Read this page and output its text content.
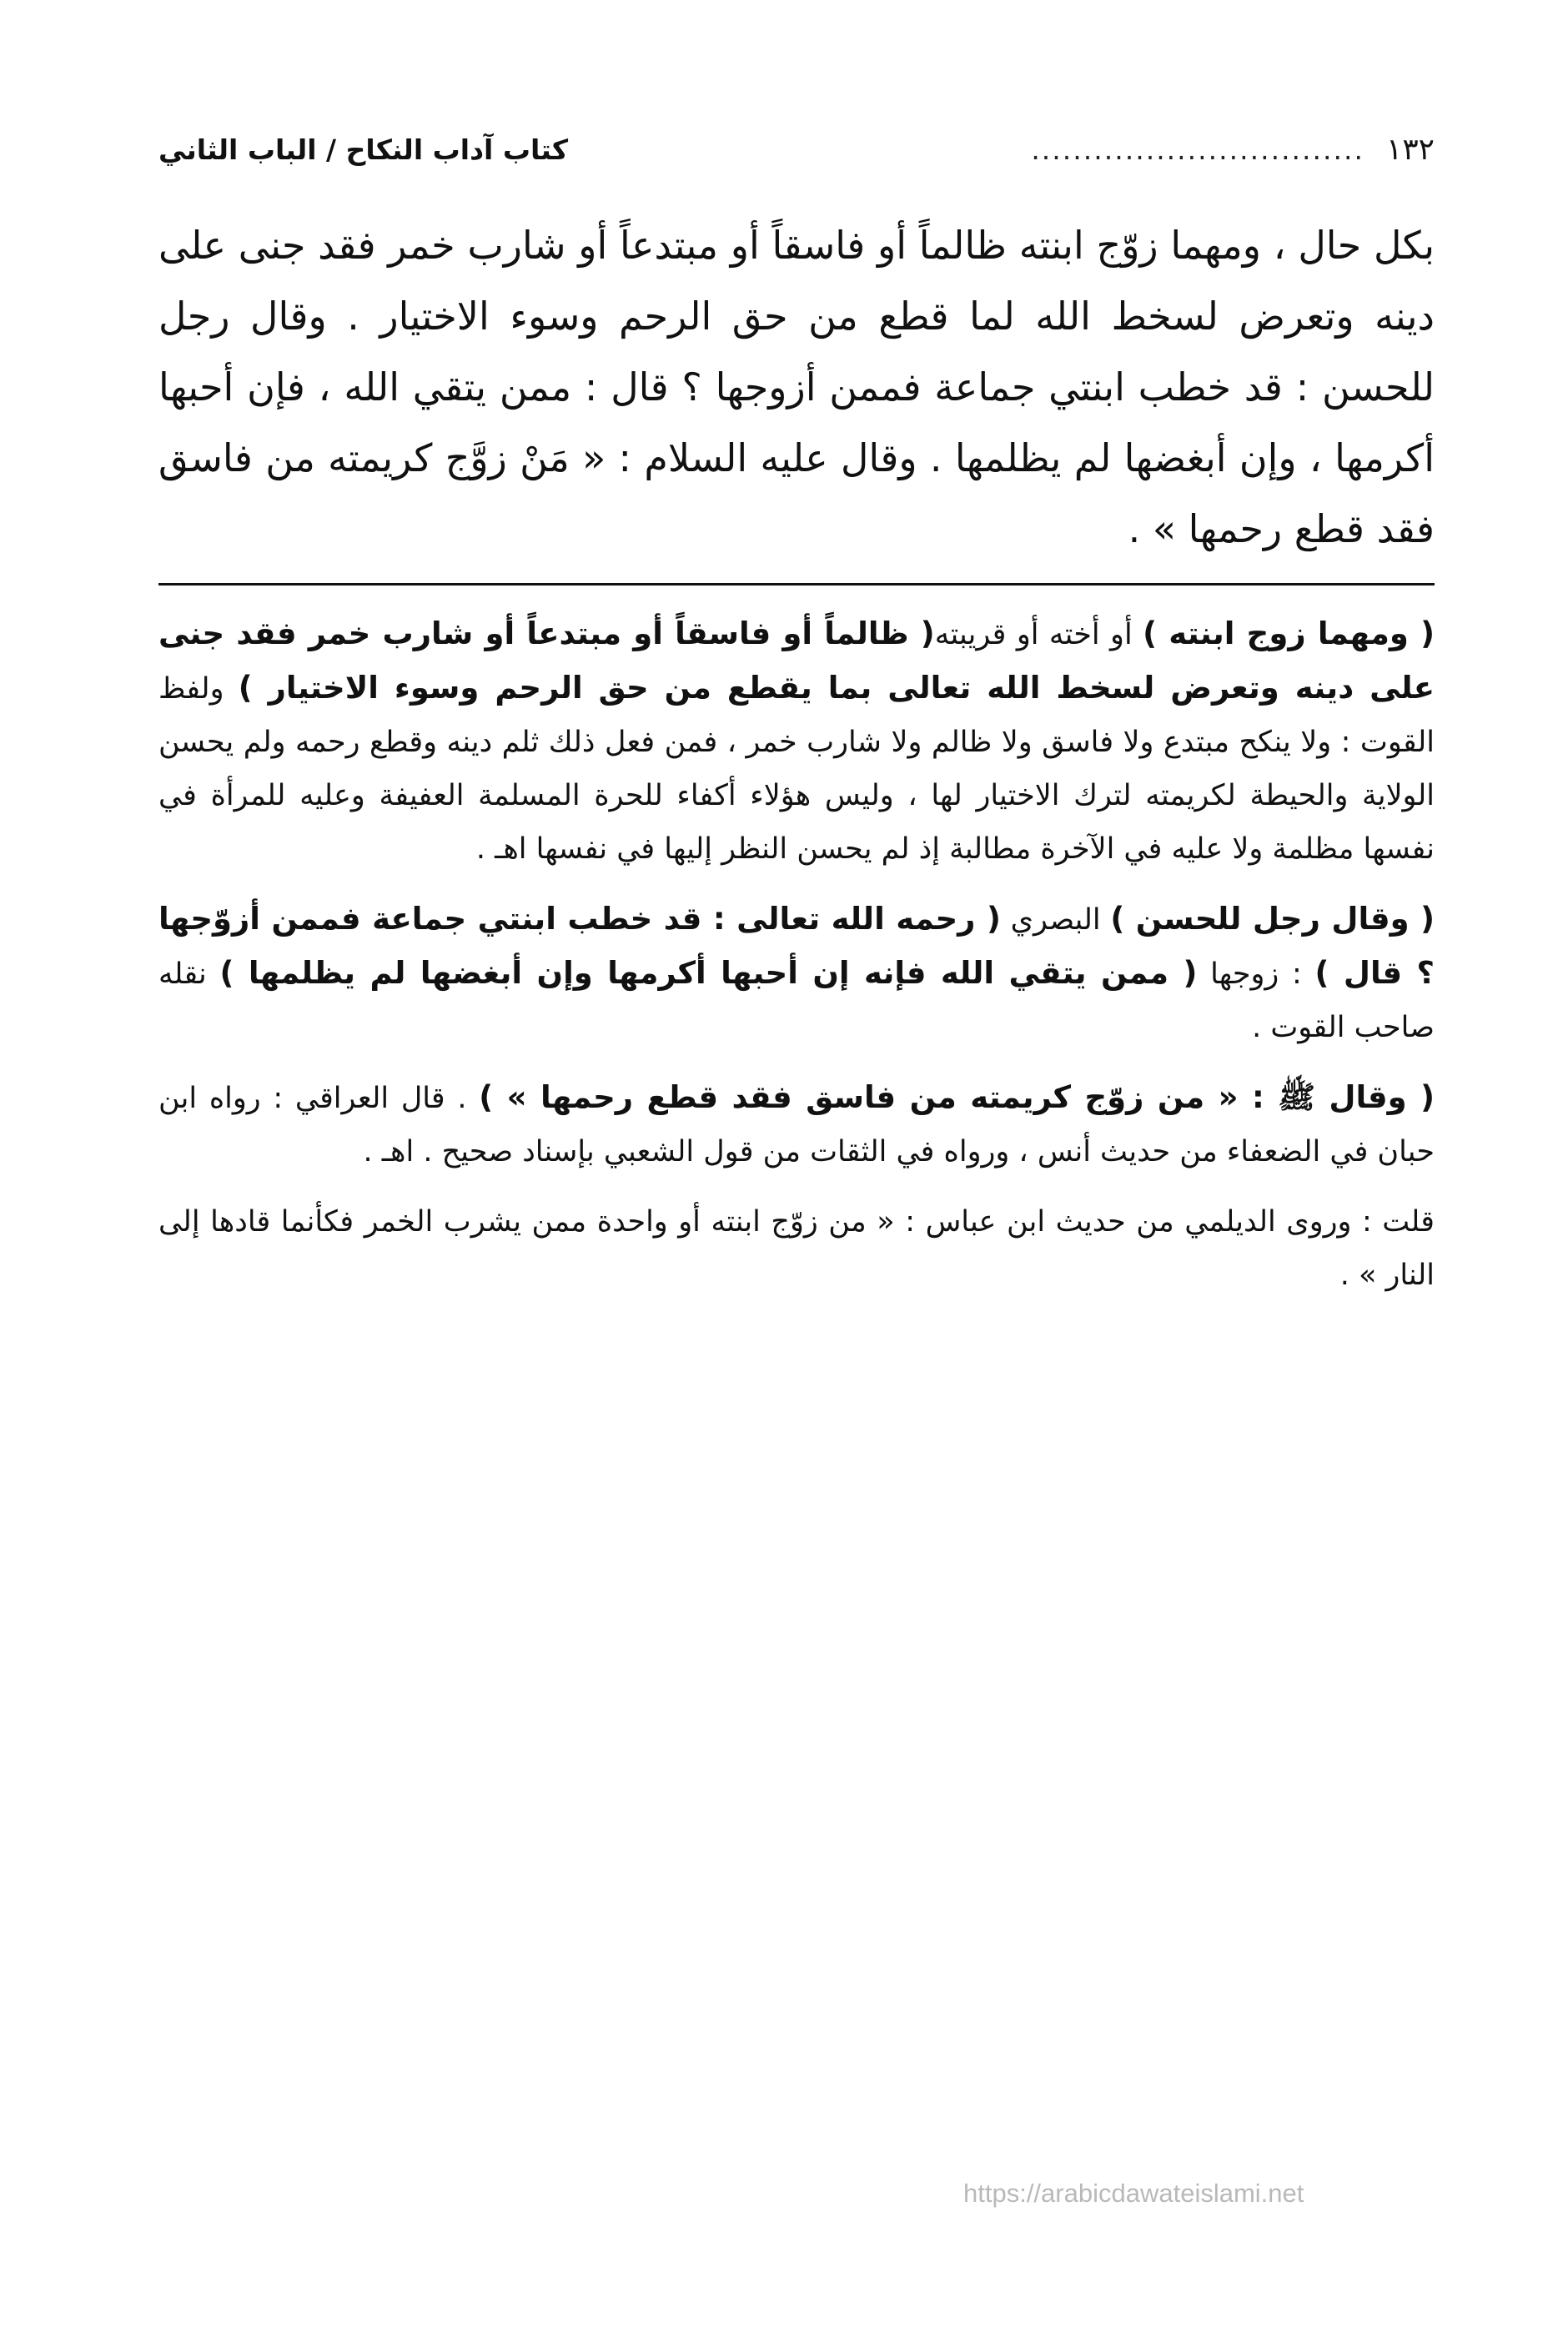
١٣٢
................................
كتاب آداب النكاح / الباب الثاني

بكل حال ، ومهما زوّج ابنته ظالماً أو فاسقاً أو مبتدعاً أو شارب خمر فقد جنى على دينه وتعرض لسخط الله لما قطع من حق الرحم وسوء الاختيار . وقال رجل للحسن : قد خطب ابنتي جماعة فممن أزوجها ؟ قال : ممن يتقي الله ، فإن أحبها أكرمها ، وإن أبغضها لم يظلمها . وقال عليه السلام : « مَنْ زوَّج كريمته من فاسق فقد قطع رحمها » .

( ومهما زوج ابنته ) أو أخته أو قريبته( ظالماً أو فاسقاً أو مبتدعاً أو شارب خمر فقد جنى على دينه وتعرض لسخط الله تعالى بما يقطع من حق الرحم وسوء الاختيار ) ولفظ القوت : ولا ينكح مبتدع ولا فاسق ولا ظالم ولا شارب خمر ، فمن فعل ذلك ثلم دينه وقطع رحمه ولم يحسن الولاية والحيطة لكريمته لترك الاختيار لها ، وليس هؤلاء أكفاء للحرة المسلمة العفيفة وعليه للمرأة في نفسها مظلمة ولا عليه في الآخرة مطالبة إذ لم يحسن النظر إليها في نفسها اهـ .

( وقال رجل للحسن ) البصري ( رحمه الله تعالى : قد خطب ابنتي جماعة فممن أزوّجها ؟ قال ) : زوجها ( ممن يتقي الله فإنه إن أحبها أكرمها وإن أبغضها لم يظلمها ) نقله صاحب القوت .

( وقال ﷺ : « من زوّج كريمته من فاسق فقد قطع رحمها » ) . قال العراقي : رواه ابن حبان في الضعفاء من حديث أنس ، ورواه في الثقات من قول الشعبي بإسناد صحيح . اهـ .

قلت : وروى الديلمي من حديث ابن عباس : « من زوّج ابنته أو واحدة ممن يشرب الخمر فكأنما قادها إلى النار » .

https://arabicdawateislami.net
